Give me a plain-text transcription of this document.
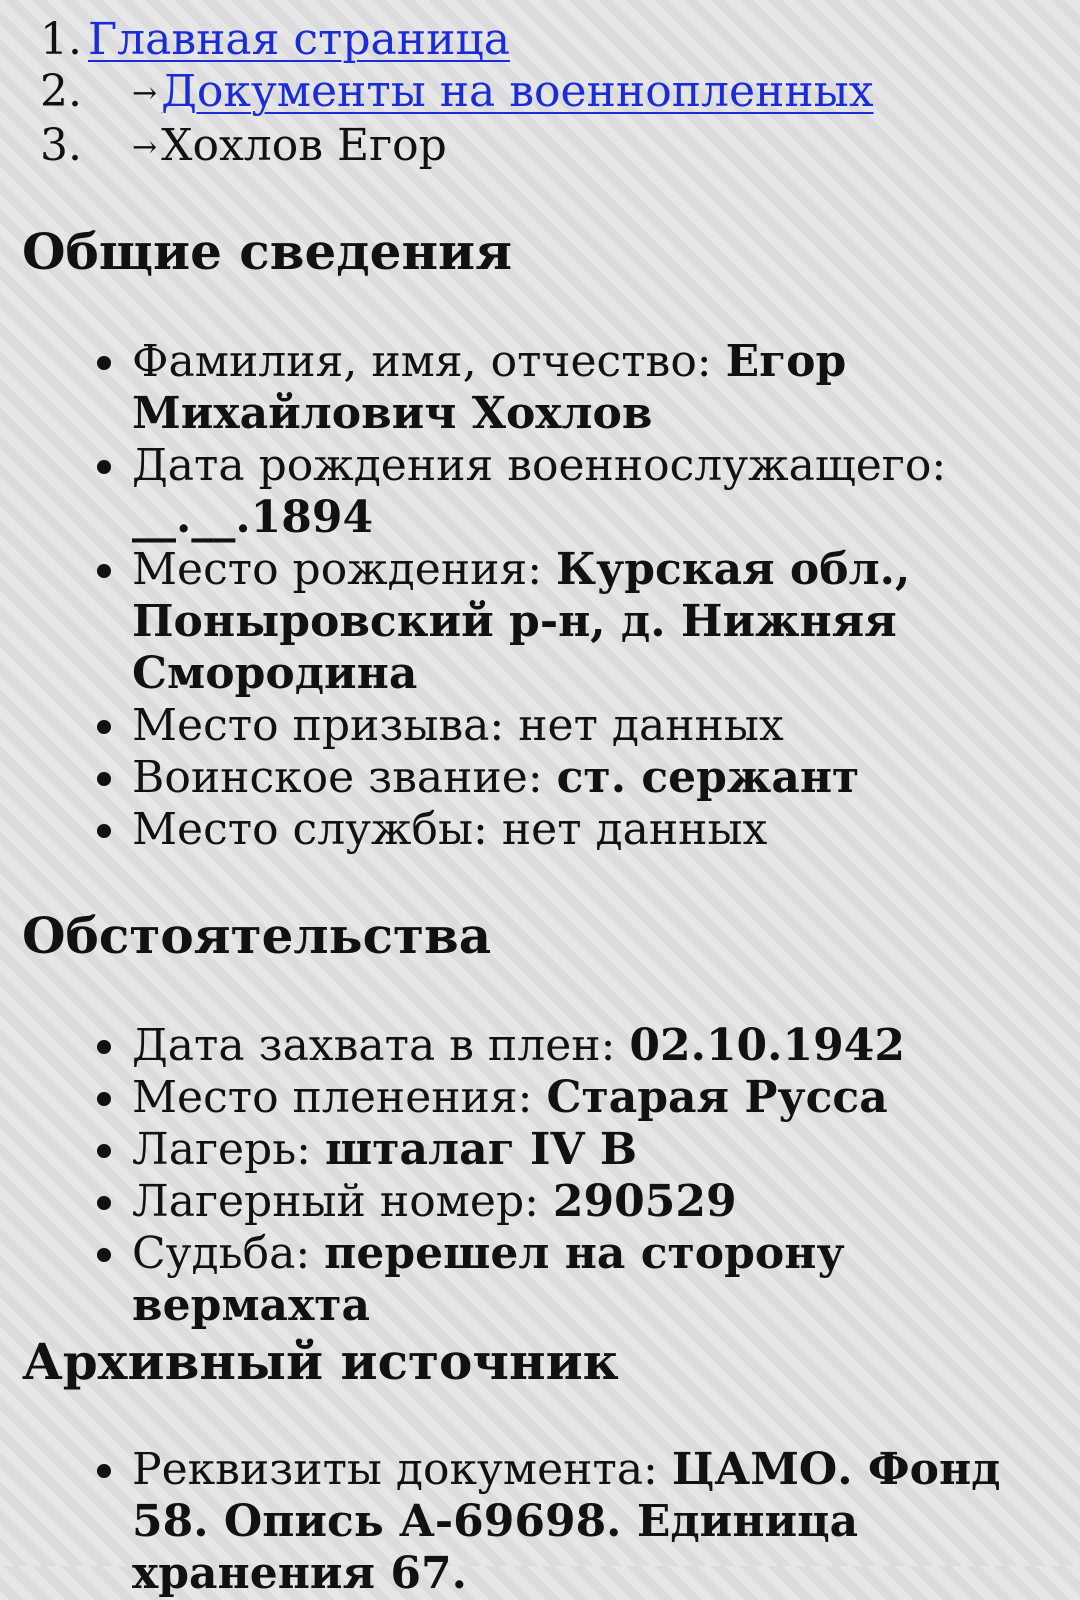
1. Главная страница
2.	→Документы на военнопленных
3.	→Хохлов Егор
Общие сведения
Фамилия, имя, отчество: Егор Михайлович Хохлов
Дата рождения военнослужащего: __.__.1894
Место рождения: Курская обл., Поныровский р-н, д. Нижняя Смородина
Место призыва: нет данных
Воинское звание: ст. сержант
Место службы: нет данных
Обстоятельства
Дата захвата в плен: 02.10.1942
Место пленения: Старая Русса
Лагерь: шталаг IV B
Лагерный номер: 290529
Судьба: перешел на сторону вермахта
Архивный источник
Реквизиты документа: ЦАМО. Фонд 58. Опись А-69698. Единица хранения 67.
